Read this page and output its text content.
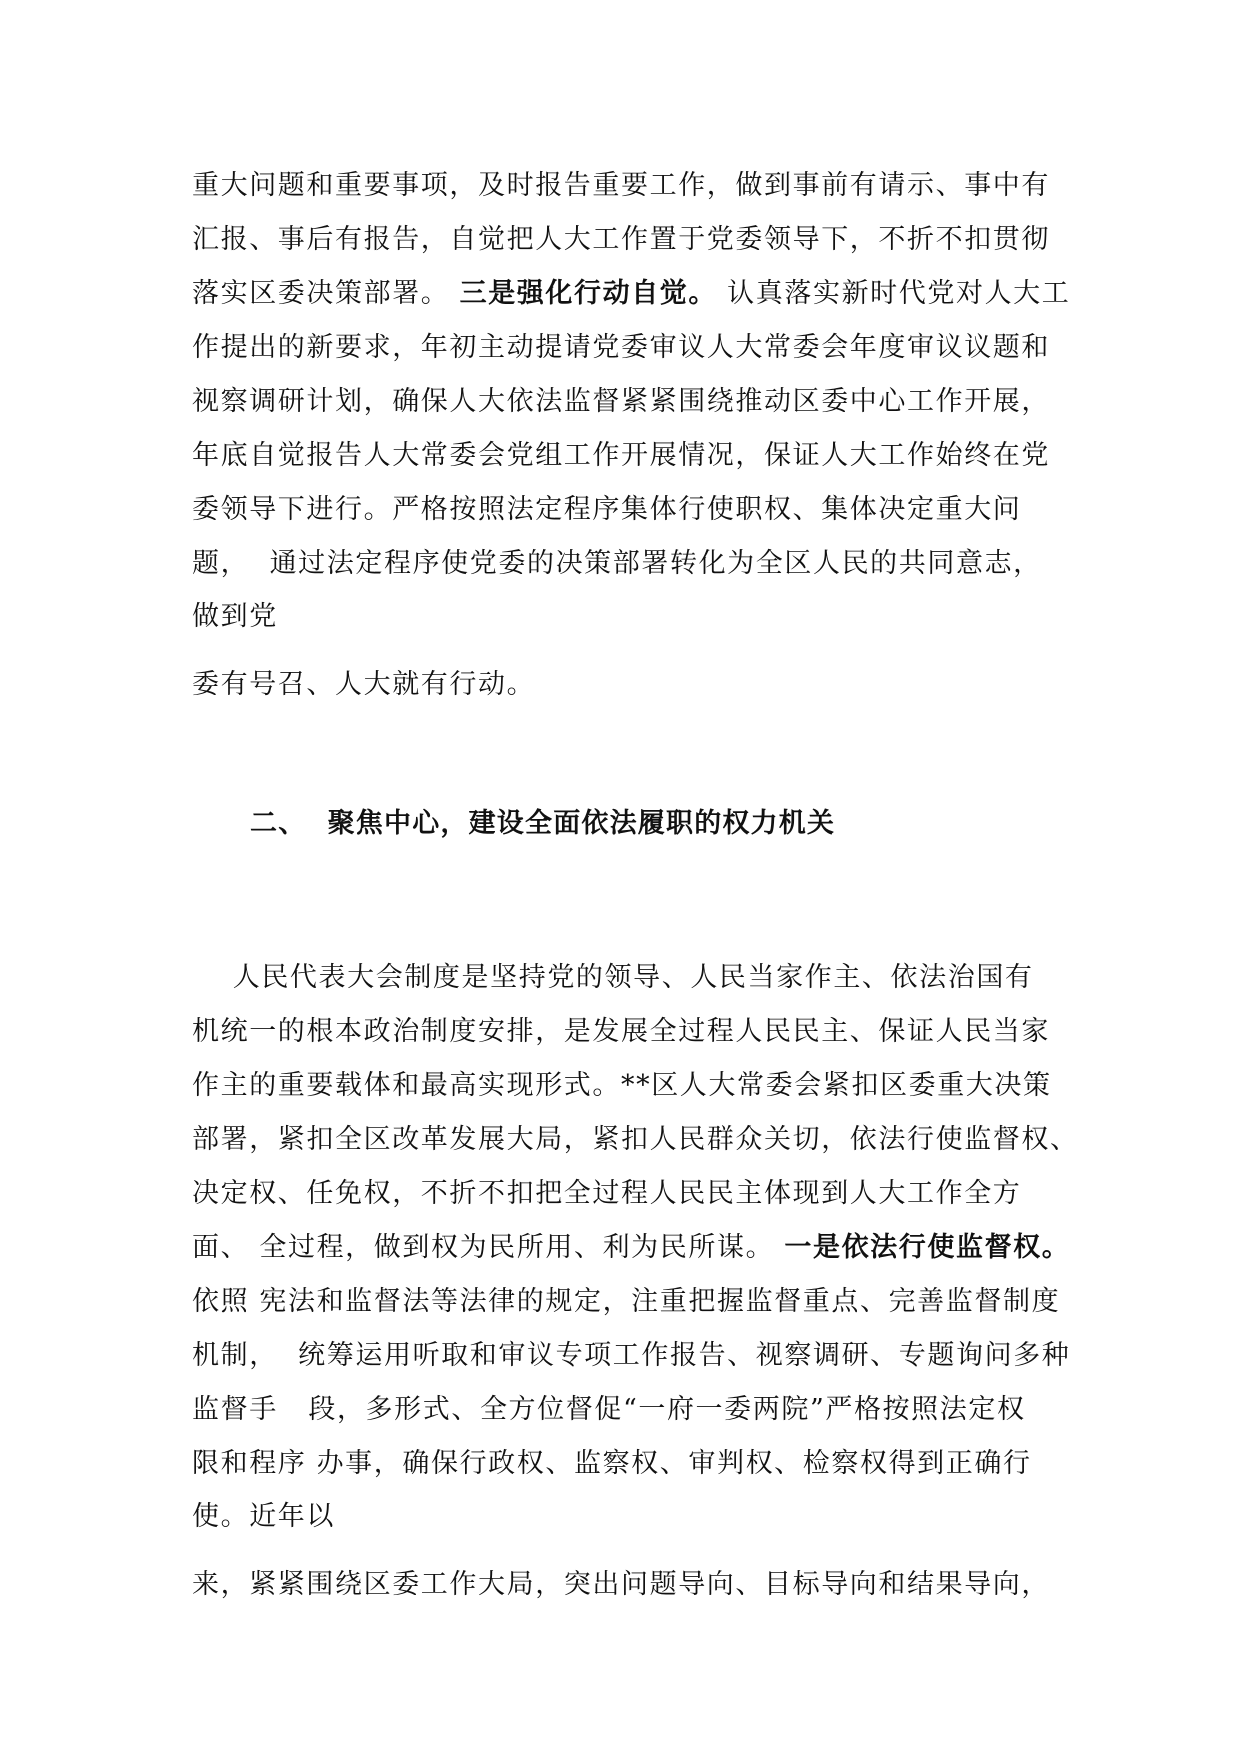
重大问题和重要事项，及时报告重要工作，做到事前有请示、事中有
汇报、事后有报告，自觉把人大工作置于党委领导下，不折不扣贯彻
落实区委决策部署。 三是强化行动自觉。 认真落实新时代党对人大工
作提出的新要求，年初主动提请党委审议人大常委会年度审议议题和
视察调研计划，确保人大依法监督紧紧围绕推动区委中心工作开展，
年底自觉报告人大常委会党组工作开展情况，保证人大工作始终在党
委领导下进行。严格按照法定程序集体行使职权、集体决定重大问
题，  通过法定程序使党委的决策部署转化为全区人民的共同意志，
做到党
委有号召、人大就有行动。
二、  聚焦中心，建设全面依法履职的权力机关
人民代表大会制度是坚持党的领导、人民当家作主、依法治国有
机统一的根本政治制度安排，是发展全过程人民民主、保证人民当家
作主的重要载体和最高实现形式。**区人大常委会紧扣区委重大决策
部署，紧扣全区改革发展大局，紧扣人民群众关切，依法行使监督权、
决定权、任免权，不折不扣把全过程人民民主体现到人大工作全方
面、 全过程，做到权为民所用、利为民所谋。 一是依法行使监督权。
依照 宪法和监督法等法律的规定，注重把握监督重点、完善监督制度
机制，  统筹运用听取和审议专项工作报告、视察调研、专题询问多种
监督手   段，多形式、全方位督促“一府一委两院”严格按照法定权
限和程序 办事，确保行政权、监察权、审判权、检察权得到正确行
使。近年以
来，紧紧围绕区委工作大局，突出问题导向、目标导向和结果导向，
